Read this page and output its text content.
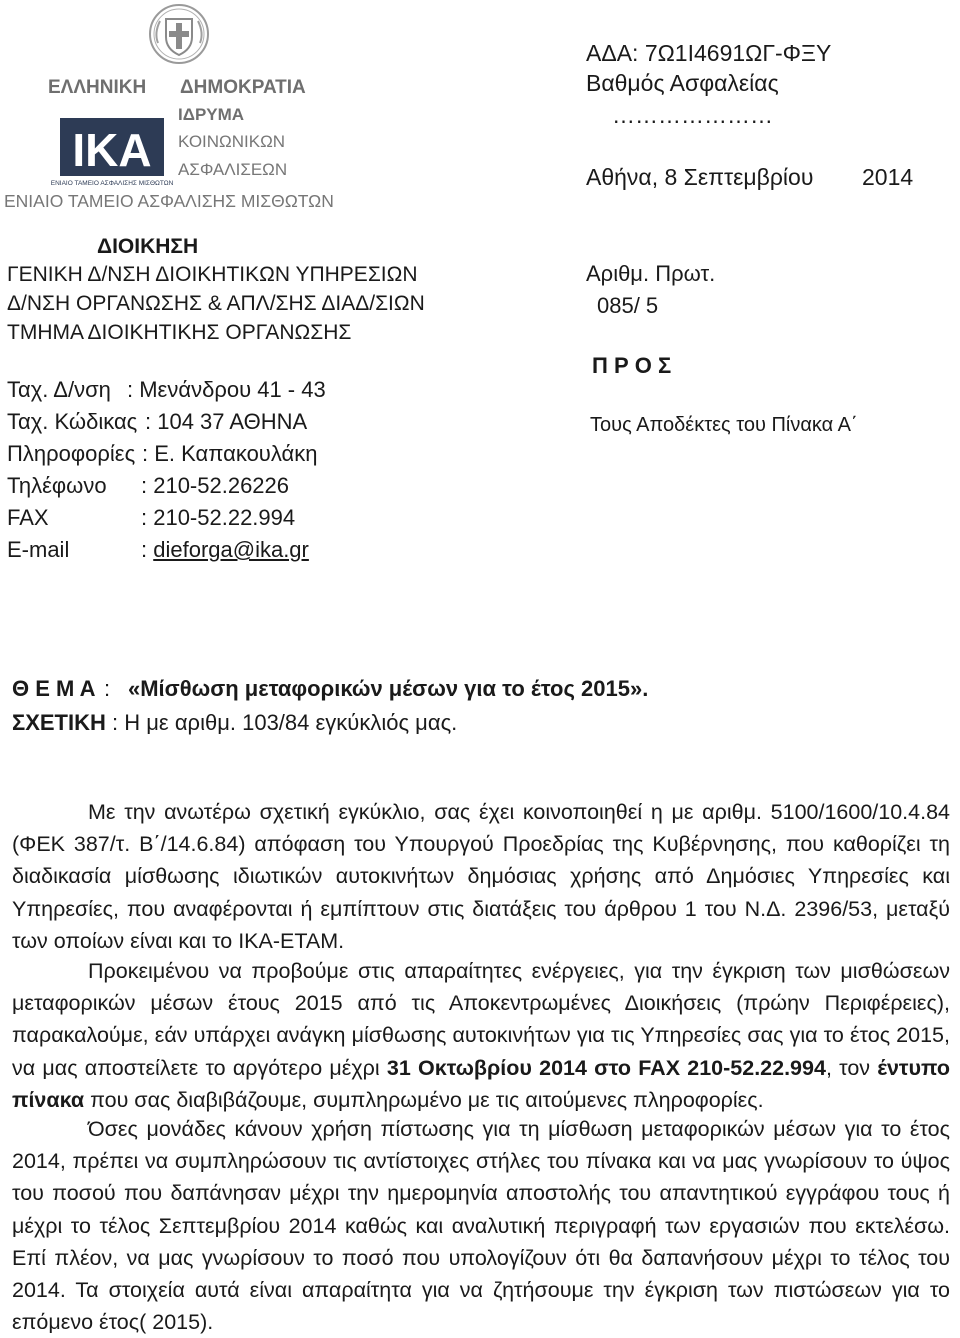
ΕΛΛΗΝΙΚΗ ΔΗΜΟΚΡΑΤΙΑ
ΙΔΡΥΜΑ
ΚΟΙΝΩΝΙΚΩΝ
ΑΣΦΑΛΙΣΕΩΝ
ΙΚΑ
ΕΝΙΑΙΟ ΤΑΜΕΙΟ ΑΣΦΑΛΙΣΗΣ ΜΙΣΘΩΤΩΝ
ΕΝΙΑΙΟ ΤΑΜΕΙΟ ΑΣΦΑΛΙΣΗΣ ΜΙΣΘΩΤΩΝ
ΔΙΟΙΚΗΣΗ
ΓΕΝΙΚΗ Δ/ΝΣΗ ΔΙΟΙΚΗΤΙΚΩΝ ΥΠΗΡΕΣΙΩΝ
Δ/ΝΣΗ ΟΡΓΑΝΩΣΗΣ & ΑΠΛ/ΣΗΣ ΔΙΑΔ/ΣΙΩΝ
ΤΜΗΜΑ ΔΙΟΙΚΗΤΙΚΗΣ ΟΡΓΑΝΩΣΗΣ
Ταχ. Δ/νση : Μενάνδρου 41 - 43
Ταχ. Κώδικας : 104 37 ΑΘΗΝΑ
Πληροφορίες : Ε. Καπακουλάκη
Τηλέφωνο : 210-52.26226
FAX	: 210-52.22.994
E-mail	: dieforga@ika.gr
ΑΔΑ: 7Ω1Ι4691ΩΓ-ΦΞΥ
Βαθμός Ασφαλείας
…………………
Αθήνα, 8 Σεπτεμβρίου 2014
Αριθμ. Πρωτ.
085/ 5
Π Ρ Ο Σ
Τους Αποδέκτες του Πίνακα Α΄
Θ Ε Μ Α : «Μίσθωση μεταφορικών μέσων για το έτος 2015».
ΣΧΕΤΙΚΗ : Η με αριθμ. 103/84 εγκύκλιός μας.
Με την ανωτέρω σχετική εγκύκλιο, σας έχει κοινοποιηθεί η με αριθμ. 5100/1600/10.4.84 (ΦΕΚ 387/τ. Β΄/14.6.84) απόφαση του Υπουργού Προεδρίας της Κυβέρνησης, που καθορίζει τη διαδικασία μίσθωσης ιδιωτικών αυτοκινήτων δημόσιας χρήσης από Δημόσιες Υπηρεσίες και Υπηρεσίες, που αναφέρονται ή εμπίπτουν στις διατάξεις του άρθρου 1 του Ν.Δ. 2396/53, μεταξύ των οποίων είναι και το ΙΚΑ-ΕΤΑΜ.
Προκειμένου να προβούμε στις απαραίτητες ενέργειες, για την έγκριση των μισθώσεων μεταφορικών μέσων έτους 2015 από τις Αποκεντρωμένες Διοικήσεις (πρώην Περιφέρειες), παρακαλούμε, εάν υπάρχει ανάγκη μίσθωσης αυτοκινήτων για τις Υπηρεσίες σας για το έτος 2015, να μας αποστείλετε το αργότερο μέχρι 31 Οκτωβρίου 2014 στο FAX 210-52.22.994, τον έντυπο πίνακα που σας διαβιβάζουμε, συμπληρωμένο με τις αιτούμενες πληροφορίες.
Όσες μονάδες κάνουν χρήση πίστωσης για τη μίσθωση μεταφορικών μέσων για το έτος 2014, πρέπει να συμπληρώσουν τις αντίστοιχες στήλες του πίνακα και να μας γνωρίσουν το ύψος του ποσού που δαπάνησαν μέχρι την ημερομηνία αποστολής του απαντητικού εγγράφου τους ή μέχρι το τέλος Σεπτεμβρίου 2014 καθώς και αναλυτική περιγραφή των εργασιών που εκτελέσω. Επί πλέον, να μας γνωρίσουν το ποσό που υπολογίζουν ότι θα δαπανήσουν μέχρι το τέλος του 2014. Τα στοιχεία αυτά είναι απαραίτητα για να ζητήσουμε την έγκριση των πιστώσεων για το επόμενο έτος( 2015).
